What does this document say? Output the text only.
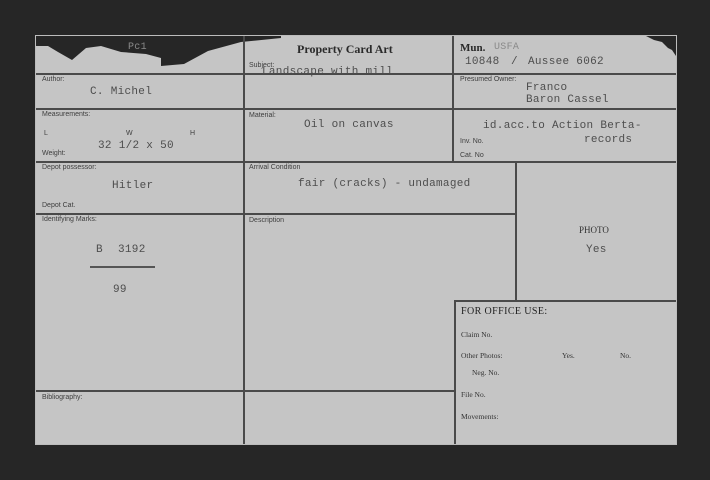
Pc1	Property Card Art	Mun. USFA
10848 / Aussee 6062
Author:
C. Michel
Subject:
Landscape with mill
Presumed Owner:
Franco
Baron Cassel
Measurements:
L	W	H
32 1/2 x 50
Weight:
Material:
Oil on canvas	id.acc.to Action Berta-
records
Inv. No.
Cat. No
Depot possessor:
Hitler
Depot Cat.
Arrival Condition
fair (cracks) - undamaged
Identifying Marks:
B 3192
99
Description
PHOTO
Yes
FOR OFFICE USE:
Claim No.
Other Photos:	Yes.	No.
Neg. No.
File No.
Movements:
Bibliography:
